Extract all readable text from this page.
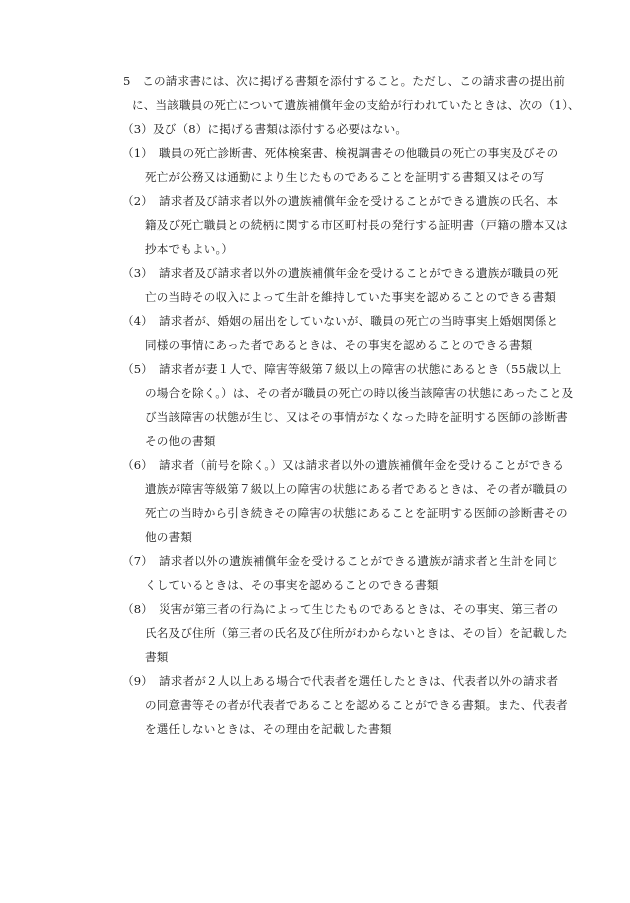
5　この請求書には、次に掲げる書類を添付すること。ただし、この請求書の提出前
に、当該職員の死亡について遺族補償年金の支給が行われていたときは、次の（1）、
（3）及び（8）に掲げる書類は添付する必要はない。
（1）　職員の死亡診断書、死体検案書、検視調書その他職員の死亡の事実及びその
死亡が公務又は通勤により生じたものであることを証明する書類又はその写
（2）　請求者及び請求者以外の遺族補償年金を受けることができる遺族の氏名、本
籍及び死亡職員との続柄に関する市区町村長の発行する証明書（戸籍の謄本又は
抄本でもよい。）
（3）　請求者及び請求者以外の遺族補償年金を受けることができる遺族が職員の死
亡の当時その収入によって生計を維持していた事実を認めることのできる書類
（4）　請求者が、婚姻の届出をしていないが、職員の死亡の当時事実上婚姻関係と
同様の事情にあった者であるときは、その事実を認めることのできる書類
（5）　請求者が妻１人で、障害等級第７級以上の障害の状態にあるとき（55歳以上
の場合を除く。）は、その者が職員の死亡の時以後当該障害の状態にあったこと及
び当該障害の状態が生じ、又はその事情がなくなった時を証明する医師の診断書
その他の書類
（6）　請求者（前号を除く。）又は請求者以外の遺族補償年金を受けることができる
遺族が障害等級第７級以上の障害の状態にある者であるときは、その者が職員の
死亡の当時から引き続きその障害の状態にあることを証明する医師の診断書その
他の書類
（7）　請求者以外の遺族補償年金を受けることができる遺族が請求者と生計を同じ
くしているときは、その事実を認めることのできる書類
（8）　災害が第三者の行為によって生じたものであるときは、その事実、第三者の
氏名及び住所（第三者の氏名及び住所がわからないときは、その旨）を記載した
書類
（9）　請求者が２人以上ある場合で代表者を選任したときは、代表者以外の請求者
の同意書等その者が代表者であることを認めることができる書類。また、代表者
を選任しないときは、その理由を記載した書類
